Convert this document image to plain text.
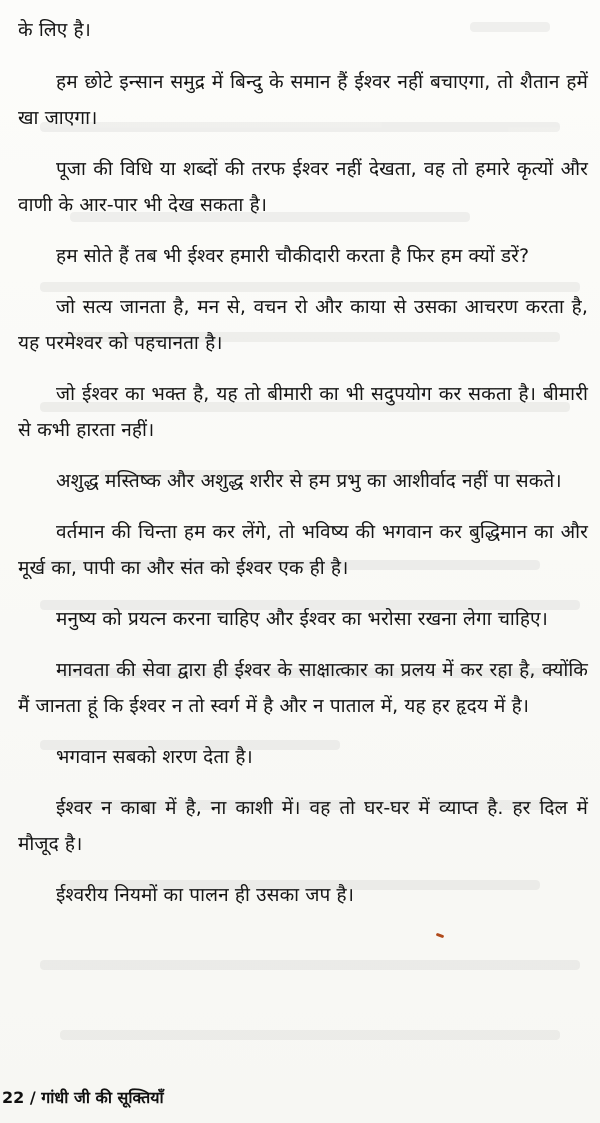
के लिए है।

हम छोटे इन्सान समुद्र में बिन्दु के समान हैं ईश्वर नहीं बचाएगा, तो शैतान हमें खा जाएगा।

पूजा की विधि या शब्दों की तरफ ईश्वर नहीं देखता, वह तो हमारे कृत्यों और वाणी के आर-पार भी देख सकता है।

हम सोते हैं तब भी ईश्वर हमारी चौकीदारी करता है फिर हम क्यों डरें?

जो सत्य जानता है, मन से, वचन रो और काया से उसका आचरण करता है, यह परमेश्वर को पहचानता है।

जो ईश्वर का भक्त है, यह तो बीमारी का भी सदुपयोग कर सकता है। बीमारी से कभी हारता नहीं।

अशुद्ध मस्तिष्क और अशुद्ध शरीर से हम प्रभु का आशीर्वाद नहीं पा सकते।

वर्तमान की चिन्ता हम कर लेंगे, तो भविष्य की भगवान कर बुद्धिमान का और मूर्ख का, पापी का और संत को ईश्वर एक ही है।

मनुष्य को प्रयत्न करना चाहिए और ईश्वर का भरोसा रखना लेगा चाहिए।

मानवता की सेवा द्वारा ही ईश्वर के साक्षात्कार का प्रलय में कर रहा है, क्योंकि मैं जानता हूं कि ईश्वर न तो स्वर्ग में है और न पाताल में, यह हर हृदय में है।

भगवान सबको शरण देता है।

ईश्वर न काबा में है, ना काशी में। वह तो घर-घर में व्याप्त है. हर दिल में मौजूद है।

ईश्वरीय नियमों का पालन ही उसका जप है।

22 / गांधी जी की सूक्तियाँ
